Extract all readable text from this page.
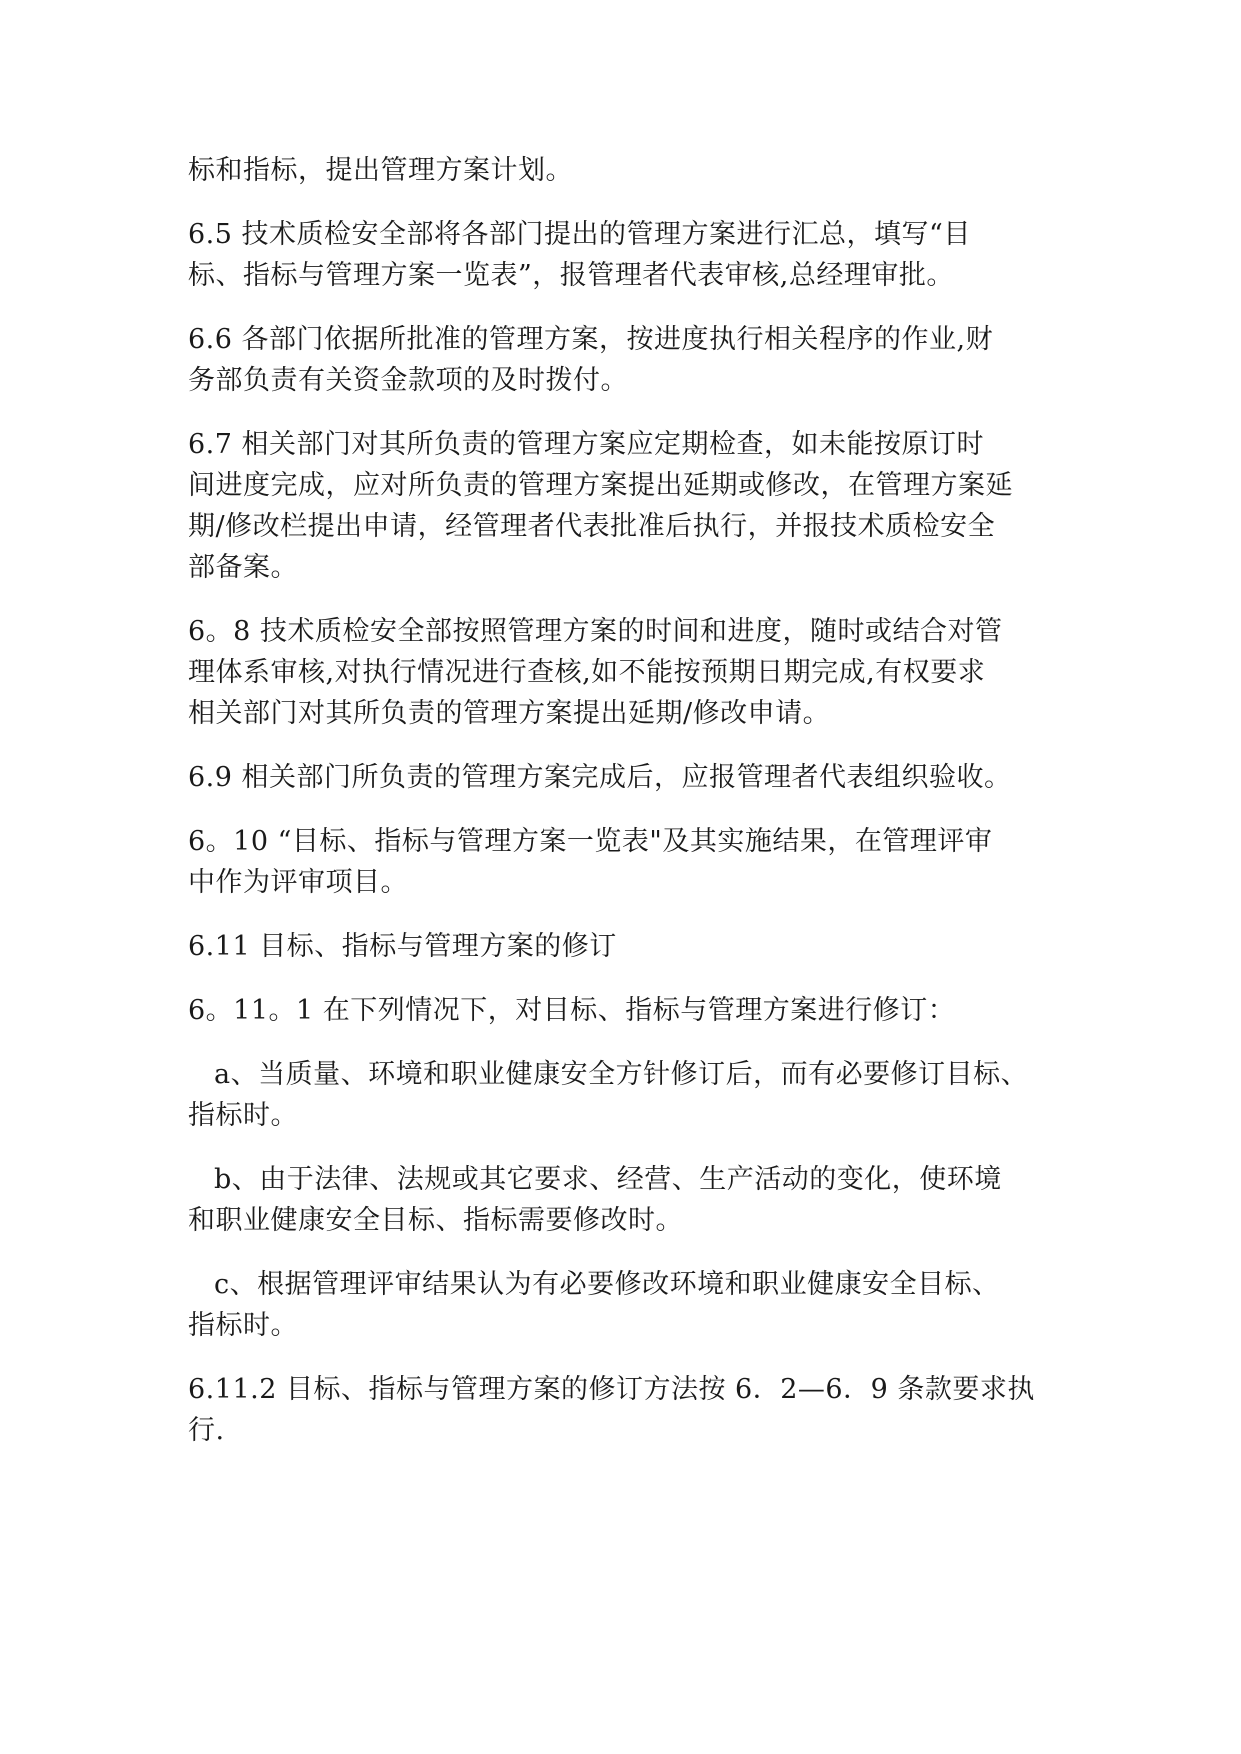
标和指标，提出管理方案计划。

6.5 技术质检安全部将各部门提出的管理方案进行汇总，填写“目
标、指标与管理方案一览表”，报管理者代表审核,总经理审批。

6.6 各部门依据所批准的管理方案，按进度执行相关程序的作业,财
务部负责有关资金款项的及时拨付。

6.7 相关部门对其所负责的管理方案应定期检查，如未能按原订时
间进度完成，应对所负责的管理方案提出延期或修改，在管理方案延
期/修改栏提出申请，经管理者代表批准后执行，并报技术质检安全
部备案。

6。8 技术质检安全部按照管理方案的时间和进度，随时或结合对管
理体系审核,对执行情况进行查核,如不能按预期日期完成,有权要求
相关部门对其所负责的管理方案提出延期/修改申请。

6.9 相关部门所负责的管理方案完成后，应报管理者代表组织验收。

6。10 “目标、指标与管理方案一览表"及其实施结果，在管理评审
中作为评审项目。

6.11 目标、指标与管理方案的修订

6。11。1 在下列情况下，对目标、指标与管理方案进行修订：

a、当质量、环境和职业健康安全方针修订后，而有必要修订目标、
指标时。

b、由于法律、法规或其它要求、经营、生产活动的变化，使环境
和职业健康安全目标、指标需要修改时。

c、根据管理评审结果认为有必要修改环境和职业健康安全目标、
指标时。

6.11.2 目标、指标与管理方案的修订方法按 6．2—6．9 条款要求执
行.
